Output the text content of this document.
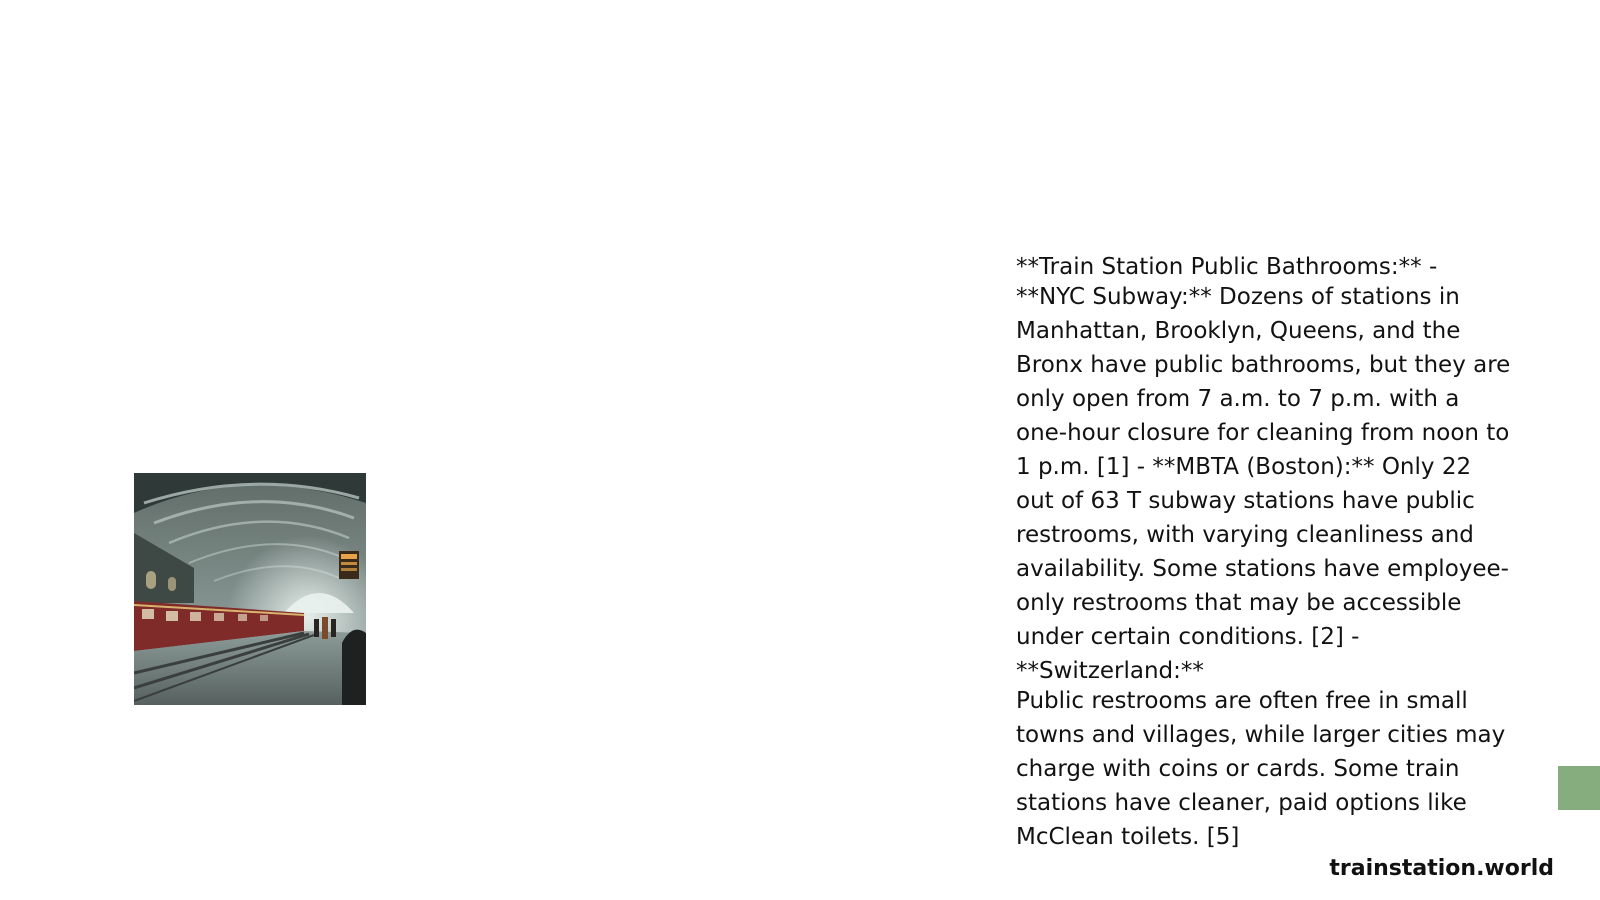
**Train Station Public Bathrooms:** -

**NYC Subway:** Dozens of stations in Manhattan, Brooklyn, Queens, and the Bronx have public bathrooms, but they are only open from 7 a.m. to 7 p.m. with a one-hour closure for cleaning from noon to 1 p.m. [1] - **MBTA (Boston):** Only 22 out of 63 T subway stations have public restrooms, with varying cleanliness and availability. Some stations have employee-only restrooms that may be accessible under certain conditions. [2] - **Switzerland:**

Public restrooms are often free in small towns and villages, while larger cities may charge with coins or cards. Some train stations have cleaner, paid options like McClean toilets. [5]

trainstation.world
